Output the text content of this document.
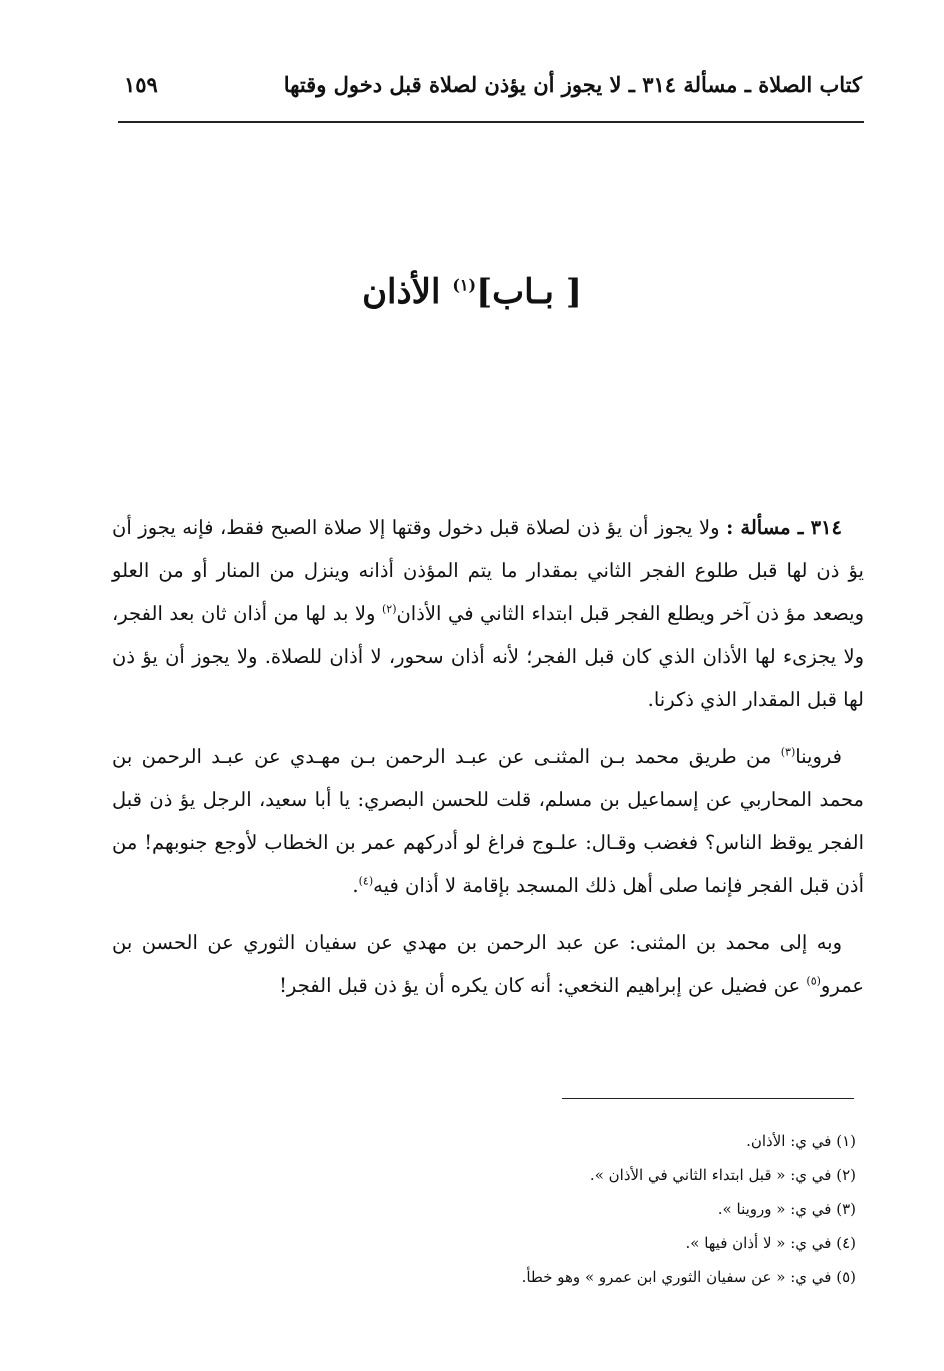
كتاب الصلاة ـ مسألة ٣١٤ ـ لا يجوز أن يؤذن لصلاة قبل دخول وقتها
١٥٩
[ بـاب]$^{(١)}$ الأذان

٣١٤ ـ مسألة : ولا يجوز أن يؤ ذن لصلاة قبل دخول وقتها إلا صلاة الصبح فقط، فإنه يجوز أن يؤ ذن لها قبل طلوع الفجر الثاني بمقدار ما يتم المؤذن أذانه وينزل من المنار أو من العلو ويصعد مؤ ذن آخر ويطلع الفجر قبل ابتداء الثاني في الأذان$^{(٢)}$ ولا بد لها من أذان ثان بعد الفجر، ولا يجزىء لها الأذان الذي كان قبل الفجر؛ لأنه أذان سحور، لا أذان للصلاة. ولا يجوز أن يؤ ذن لها قبل المقدار الذي ذكرنا.

فروينا$^{(٣)}$ من طريق محمد بـن المثنـى عن عبـد الرحمن بـن مهـدي عن عبـد الرحمن بن محمد المحاربي عن إسماعيل بن مسلم، قلت للحسن البصري: يا أبا سعيد، الرجل يؤ ذن قبل الفجر يوقظ الناس؟ فغضب وقـال: علـوج فراغ لو أدركهم عمر بن الخطاب لأوجع جنوبهم! من أذن قبل الفجر فإنما صلى أهل ذلك المسجد بإقامة لا أذان فيه$^{(٤)}$.

وبه إلى محمد بن المثنى: عن عبد الرحمن بن مهدي عن سفيان الثوري عن الحسن بن عمرو$^{(٥)}$ عن فضيل عن إبراهيم النخعي: أنه كان يكره أن يؤ ذن قبل الفجر!

(١) في ي: الأذان.
(٢) في ي: « قبل ابتداء الثاني في الأذان ».
(٣) في ي: « وروينا ».
(٤) في ي: « لا أذان فيها ».
(٥) في ي: « عن سفيان الثوري ابن عمرو » وهو خطأ.
